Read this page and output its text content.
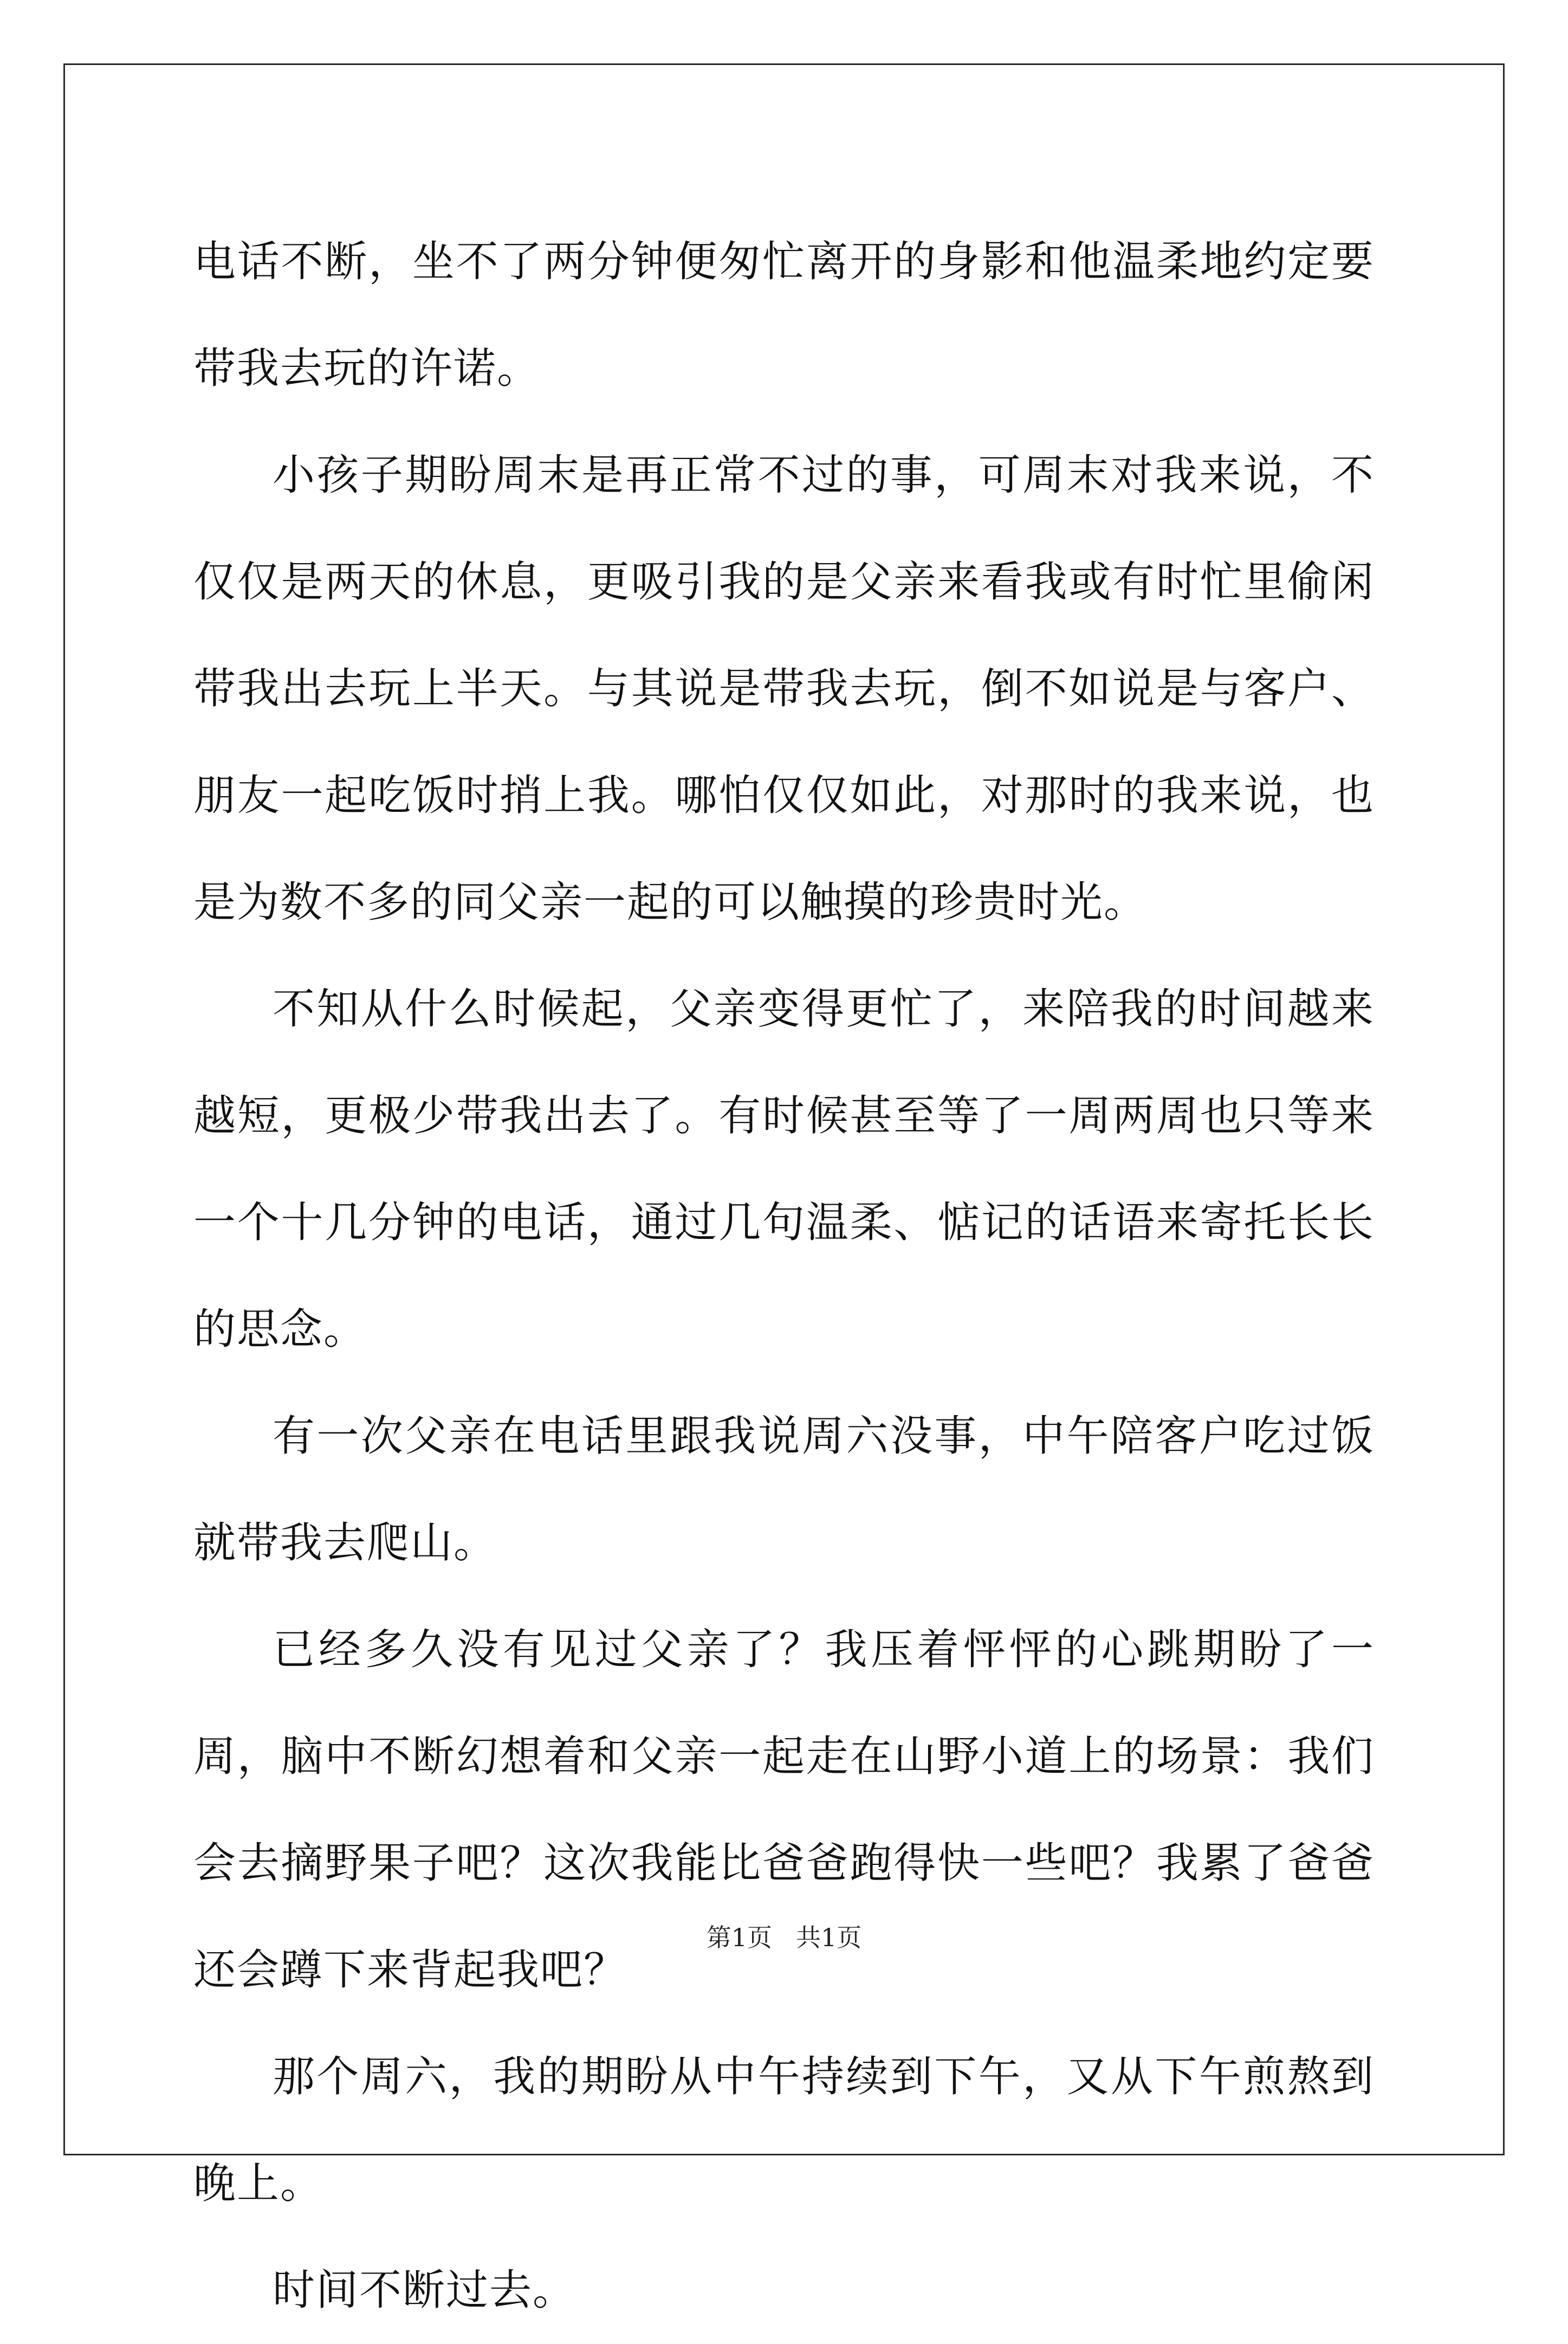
电话不断，坐不了两分钟便匆忙离开的身影和他温柔地约定要带我去玩的许诺。

小孩子期盼周末是再正常不过的事，可周末对我来说，不仅仅是两天的休息，更吸引我的是父亲来看我或有时忙里偷闲带我出去玩上半天。与其说是带我去玩，倒不如说是与客户、朋友一起吃饭时捎上我。哪怕仅仅如此，对那时的我来说，也是为数不多的同父亲一起的可以触摸的珍贵时光。

不知从什么时候起，父亲变得更忙了，来陪我的时间越来越短，更极少带我出去了。有时候甚至等了一周两周也只等来一个十几分钟的电话，通过几句温柔、惦记的话语来寄托长长的思念。

有一次父亲在电话里跟我说周六没事，中午陪客户吃过饭就带我去爬山。

已经多久没有见过父亲了？我压着怦怦的心跳期盼了一周，脑中不断幻想着和父亲一起走在山野小道上的场景：我们会去摘野果子吧？这次我能比爸爸跑得快一些吧？我累了爸爸还会蹲下来背起我吧？

那个周六，我的期盼从中午持续到下午，又从下午煎熬到晚上。

时间不断过去。

第1页 共1页
